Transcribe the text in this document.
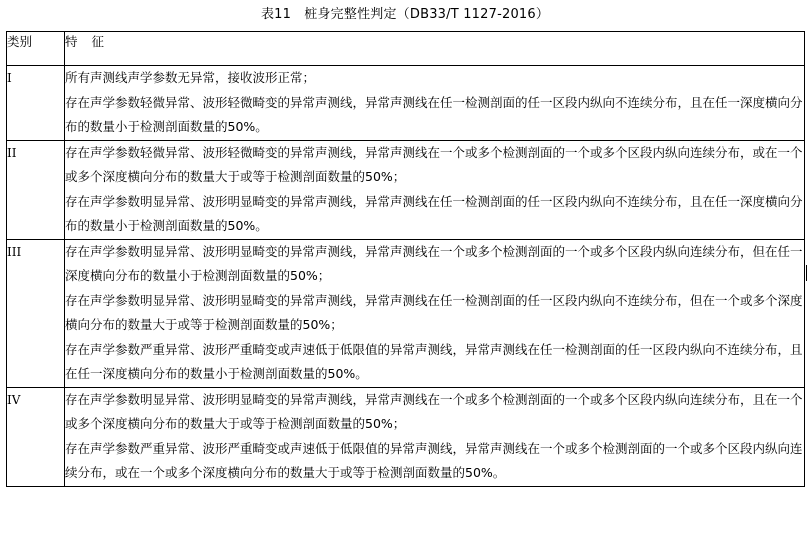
表11　桩身完整性判定（DB33/T 1127-2016）
类别	特征
I	所有声测线声学参数无异常，接收波形正常；

存在声学参数轻微异常、波形轻微畸变的异常声测线，异常声测线在任一检测剖面的任一区段内纵向不连续分布，且在任一深度横向分布的数量小于检测剖面数量的50%。

II	存在声学参数轻微异常、波形轻微畸变的异常声测线，异常声测线在一个或多个检测剖面的一个或多个区段内纵向连续分布，或在一个或多个深度横向分布的数量大于或等于检测剖面数量的50%；

存在声学参数明显异常、波形明显畸变的异常声测线，异常声测线在任一检测剖面的任一区段内纵向不连续分布，且在任一深度横向分布的数量小于检测剖面数量的50%。

III	存在声学参数明显异常、波形明显畸变的异常声测线，异常声测线在一个或多个检测剖面的一个或多个区段内纵向连续分布，但在任一深度横向分布的数量小于检测剖面数量的50%；

存在声学参数明显异常、波形明显畸变的异常声测线，异常声测线在任一检测剖面的任一区段内纵向不连续分布，但在一个或多个深度横向分布的数量大于或等于检测剖面数量的50%；

存在声学参数严重异常、波形严重畸变或声速低于低限值的异常声测线，异常声测线在任一检测剖面的任一区段内纵向不连续分布，且在任一深度横向分布的数量小于检测剖面数量的50%。

IV	存在声学参数明显异常、波形明显畸变的异常声测线，异常声测线在一个或多个检测剖面的一个或多个区段内纵向连续分布，且在一个或多个深度横向分布的数量大于或等于检测剖面数量的50%；

存在声学参数严重异常、波形严重畸变或声速低于低限值的异常声测线，异常声测线在一个或多个检测剖面的一个或多个区段内纵向连续分布，或在一个或多个深度横向分布的数量大于或等于检测剖面数量的50%。
